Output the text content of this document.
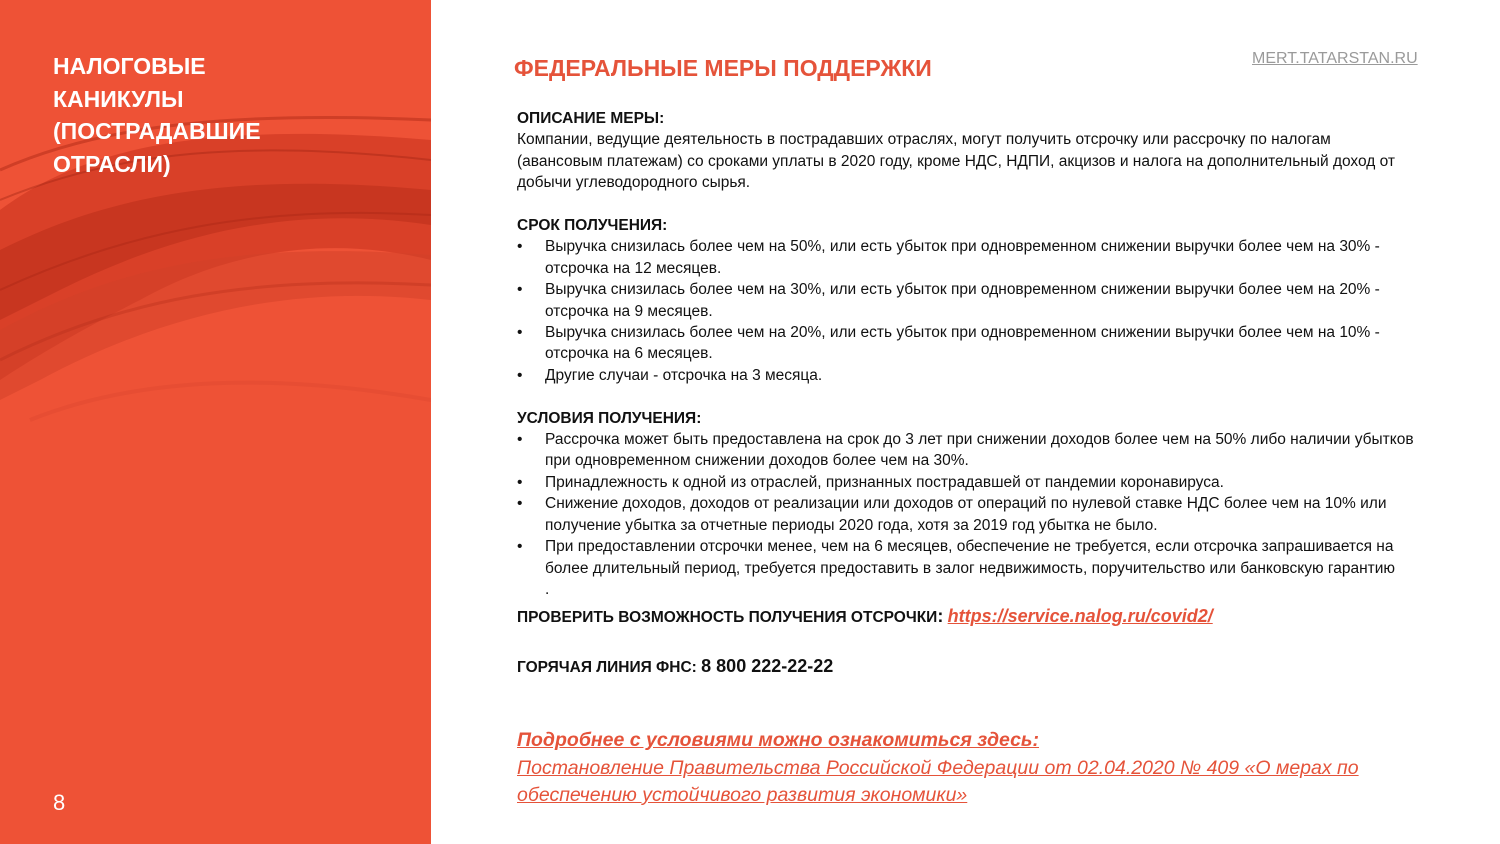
НАЛОГОВЫЕ
КАНИКУЛЫ
(ПОСТРАДАВШИЕ
ОТРАСЛИ)
8
MERT.TATARSTAN.RU
ФЕДЕРАЛЬНЫЕ МЕРЫ ПОДДЕРЖКИ
ОПИСАНИЕ МЕРЫ:
Компании, ведущие деятельность в пострадавших отраслях, могут получить отсрочку или рассрочку по налогам (авансовым платежам) со сроками уплаты в 2020 году, кроме НДС, НДПИ, акцизов и налога на дополнительный доход от добычи углеводородного сырья.
СРОК ПОЛУЧЕНИЯ:
• Выручка снизилась более чем на 50%, или есть убыток при одновременном снижении выручки более чем на 30% - отсрочка на 12 месяцев.
• Выручка снизилась более чем на 30%, или есть убыток при одновременном снижении выручки более чем на 20% - отсрочка на 9 месяцев.
• Выручка снизилась более чем на 20%, или есть убыток при одновременном снижении выручки более чем на 10% - отсрочка на 6 месяцев.
• Другие случаи - отсрочка на 3 месяца.
УСЛОВИЯ ПОЛУЧЕНИЯ:
• Рассрочка может быть предоставлена на срок до 3 лет при снижении доходов более чем на 50% либо наличии убытков при одновременном снижении доходов более чем на 30%.
• Принадлежность к одной из отраслей, признанных пострадавшей от пандемии коронавируса.
• Снижение доходов, доходов от реализации или доходов от операций по нулевой ставке НДС более чем на 10% или получение убытка за отчетные периоды 2020 года, хотя за 2019 год убытка не было.
• При предоставлении отсрочки менее, чем на 6 месяцев, обеспечение не требуется, если отсрочка запрашивается на более длительный период, требуется предоставить в залог недвижимость, поручительство или банковскую гарантию
.
ПРОВЕРИТЬ ВОЗМОЖНОСТЬ ПОЛУЧЕНИЯ ОТСРОЧКИ: https://service.nalog.ru/covid2/
ГОРЯЧАЯ ЛИНИЯ ФНС: 8 800 222-22-22
Подробнее с условиями можно ознакомиться здесь:
Постановление Правительства Российской Федерации от 02.04.2020 № 409 «О мерах по обеспечению устойчивого развития экономики»
